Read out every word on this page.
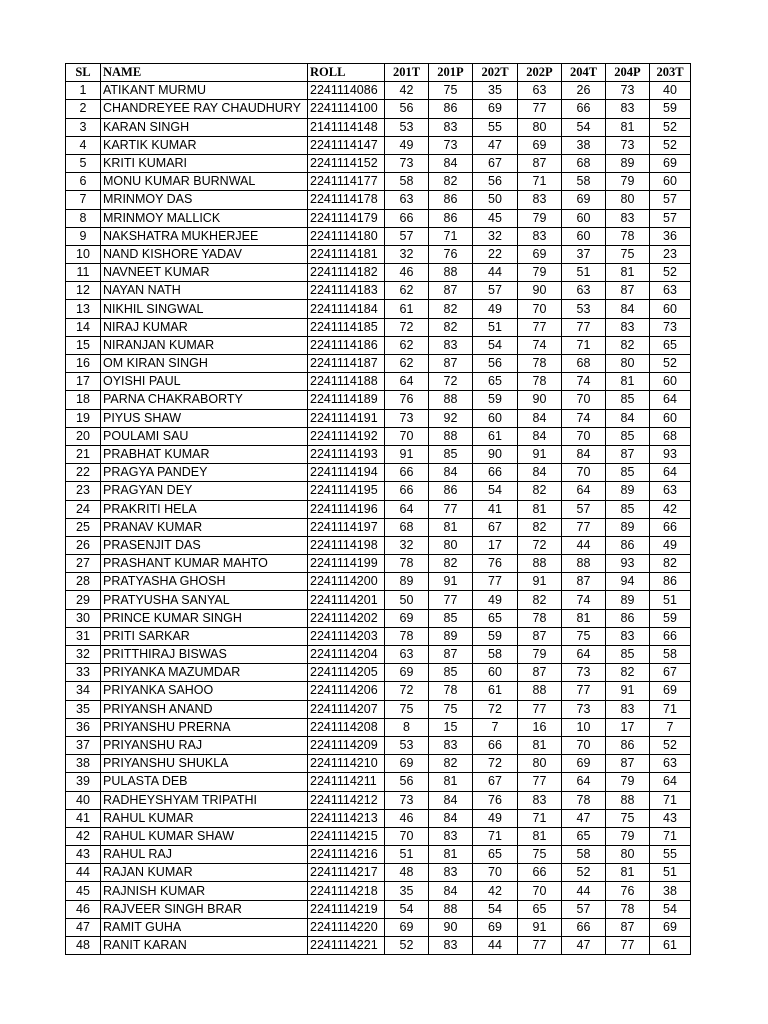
SL	NAME	ROLL	201T	201P	202T	202P	204T	204P	203T
1	ATIKANT MURMU	2241114086	42	75	35	63	26	73	40
2	CHANDREYEE RAY CHAUDHURY	2241114100	56	86	69	77	66	83	59
3	KARAN SINGH	2141114148	53	83	55	80	54	81	52
4	KARTIK KUMAR	2241114147	49	73	47	69	38	73	52
5	KRITI KUMARI	2241114152	73	84	67	87	68	89	69
6	MONU KUMAR BURNWAL	2241114177	58	82	56	71	58	79	60
7	MRINMOY DAS	2241114178	63	86	50	83	69	80	57
8	MRINMOY MALLICK	2241114179	66	86	45	79	60	83	57
9	NAKSHATRA MUKHERJEE	2241114180	57	71	32	83	60	78	36
10	NAND KISHORE YADAV	2241114181	32	76	22	69	37	75	23
11	NAVNEET KUMAR	2241114182	46	88	44	79	51	81	52
12	NAYAN NATH	2241114183	62	87	57	90	63	87	63
13	NIKHIL SINGWAL	2241114184	61	82	49	70	53	84	60
14	NIRAJ KUMAR	2241114185	72	82	51	77	77	83	73
15	NIRANJAN KUMAR	2241114186	62	83	54	74	71	82	65
16	OM KIRAN SINGH	2241114187	62	87	56	78	68	80	52
17	OYISHI PAUL	2241114188	64	72	65	78	74	81	60
18	PARNA CHAKRABORTY	2241114189	76	88	59	90	70	85	64
19	PIYUS SHAW	2241114191	73	92	60	84	74	84	60
20	POULAMI SAU	2241114192	70	88	61	84	70	85	68
21	PRABHAT KUMAR	2241114193	91	85	90	91	84	87	93
22	PRAGYA PANDEY	2241114194	66	84	66	84	70	85	64
23	PRAGYAN DEY	2241114195	66	86	54	82	64	89	63
24	PRAKRITI HELA	2241114196	64	77	41	81	57	85	42
25	PRANAV KUMAR	2241114197	68	81	67	82	77	89	66
26	PRASENJIT DAS	2241114198	32	80	17	72	44	86	49
27	PRASHANT KUMAR MAHTO	2241114199	78	82	76	88	88	93	82
28	PRATYASHA GHOSH	2241114200	89	91	77	91	87	94	86
29	PRATYUSHA SANYAL	2241114201	50	77	49	82	74	89	51
30	PRINCE KUMAR SINGH	2241114202	69	85	65	78	81	86	59
31	PRITI SARKAR	2241114203	78	89	59	87	75	83	66
32	PRITTHIRAJ BISWAS	2241114204	63	87	58	79	64	85	58
33	PRIYANKA MAZUMDAR	2241114205	69	85	60	87	73	82	67
34	PRIYANKA SAHOO	2241114206	72	78	61	88	77	91	69
35	PRIYANSH ANAND	2241114207	75	75	72	77	73	83	71
36	PRIYANSHU PRERNA	2241114208	8	15	7	16	10	17	7
37	PRIYANSHU RAJ	2241114209	53	83	66	81	70	86	52
38	PRIYANSHU SHUKLA	2241114210	69	82	72	80	69	87	63
39	PULASTA DEB	2241114211	56	81	67	77	64	79	64
40	RADHEYSHYAM TRIPATHI	2241114212	73	84	76	83	78	88	71
41	RAHUL KUMAR	2241114213	46	84	49	71	47	75	43
42	RAHUL KUMAR SHAW	2241114215	70	83	71	81	65	79	71
43	RAHUL RAJ	2241114216	51	81	65	75	58	80	55
44	RAJAN KUMAR	2241114217	48	83	70	66	52	81	51
45	RAJNISH KUMAR	2241114218	35	84	42	70	44	76	38
46	RAJVEER SINGH BRAR	2241114219	54	88	54	65	57	78	54
47	RAMIT GUHA	2241114220	69	90	69	91	66	87	69
48	RANIT KARAN	2241114221	52	83	44	77	47	77	61
